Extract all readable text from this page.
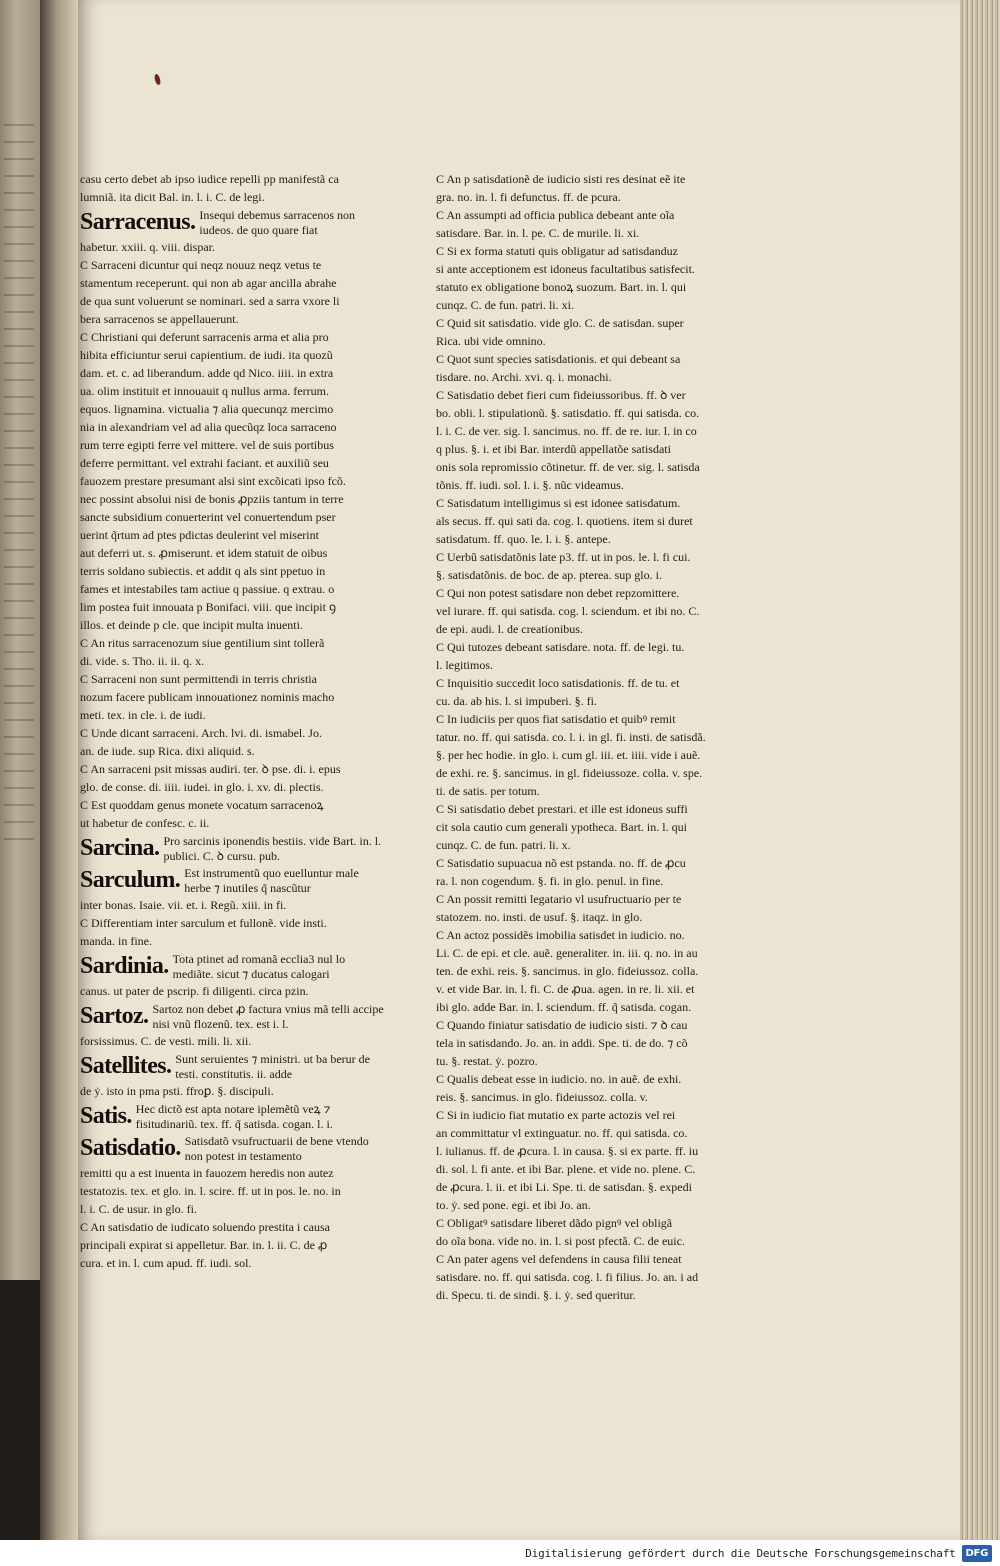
casu certo debet ab ipso iudice repelli pp manifestã ca
lumniã. ita dicit Bal. in. l. i. C. de legi.
Sarracenus. Insequi debemus sarracenos non iudeos. de quo quare fiat
habetur. xxiii. q. viii. dispar.
C Sarraceni dicuntur qui neqz nouuz neqz vetus te
stamentum receperunt. qui non ab agar ancilla abrahe
de qua sunt voluerunt se nominari. sed a sarra vxore li
bera sarracenos se appellauerunt.
C Christiani qui deferunt sarracenis arma et alia pro
hibita efficiuntur serui capientium. de iudi. ita quozũ
dam. et. c. ad liberandum. adde qd Nico. iiii. in extra
ua. olim instituit et innouauit q nullus arma. ferrum.
equos. lignamina. victualia ⁊ alia quecunqz mercimo
nia in alexandriam vel ad alia quecũqz loca sarraceno
rum terre egipti ferre vel mittere. vel de suis portibus
deferre permittant. vel extrahi faciant. et auxiliũ seu
fauozem prestare presumant alsi sint excõicati ipso fcõ.
nec possint absolui nisi de bonis ꝓpziis tantum in terre
sancte subsidium conuerterint vel conuertendum pser
uerint q̃rtum ad ptes pdictas deulerint vel miserint
aut deferri ut. s. ꝓmiserunt. et idem statuit de oibus
terris soldano subiectis. et addit q als sint ppetuo in
fames et intestabiles tam actiue q passiue. q extrau. o
lim postea fuit innouata p Bonifaci. viii. que incipit ꝯ
illos. et deinde p cle. que incipit multa inuenti.
C An ritus sarracenozum siue gentilium sint tollerã
di. vide. s. Tho. ii. ii. q. x.
C Sarraceni non sunt permittendi in terris christia
nozum facere publicam innouationez nominis macho
meti. tex. in cle. i. de iudi.
C Unde dicant sarraceni. Arch. lvi. di. ismabel. Jo.
an. de iude. sup Rica. dixi aliquid. s.
C An sarraceni psit missas audiri. ter. ꝺ pse. di. i. epus
glo. de conse. di. iiii. iudei. in glo. i. xv. di. plectis.
C Est quoddam genus monete vocatum sarracenoꝝ
ut habetur de confesc. c. ii.
Sarcina. Pro sarcinis iponendis bestiis. vide Bart. in. l. publici. C. ꝺ cursu. pub.
Sarculum. Est instrumentũ quo euelluntur male herbe ⁊ inutiles q̃ nascũtur
inter bonas. Isaie. vii. et. i. Regũ. xiii. in fi.
C Differentiam inter sarculum et fullonẽ. vide insti.
manda. in fine.
Sardinia. Tota ptinet ad romanã ecclia3 nul lo mediãte. sicut ⁊ ducatus calogari
canus. ut pater de pscrip. fi diligenti. circa pzin.
Sartoz. Sartoz non debet ꝓ factura vnius mã telli accipe nisi vnũ flozenũ. tex. est i. l.
forsissimus. C. de vesti. mili. li. xii.
Satellites. Sunt seruientes ⁊ ministri. ut ba berur de testi. constitutis. ii. adde
de ẏ. isto in pma psti. ffroꝑ. §. discipuli.
Satis. Hec dictõ est apta notare iplemẽtũ veꝝ ⁊ fisitudinariũ. tex. ff. q̃ satisda. cogan. l. i.
Satisdatio. Satisdatõ vsufructuarii de bene vtendo non potest in testamento
remitti qu a est inuenta in fauozem heredis non autez
testatozis. tex. et glo. in. l. scire. ff. ut in pos. le. no. in
l. i. C. de usur. in glo. fi.
C An satisdatio de iudicato soluendo prestita i causa
principali expirat si appelletur. Bar. in. l. ii. C. de ꝓ
cura. et in. l. cum apud. ff. iudi. sol.
C An p satisdationẽ de iudicio sisti res desinat eẽ ite
gra. no. in. l. fi defunctus. ff. de pcura.
C An assumpti ad officia publica debeant ante oĩa
satisdare. Bar. in. l. pe. C. de murile. li. xi.
C Si ex forma statuti quis obligatur ad satisdanduz
si ante acceptionem est idoneus facultatibus satisfecit.
statuto ex obligatione bonoꝝ suozum. Bart. in. l. qui
cunqz. C. de fun. patri. li. xi.
C Quid sit satisdatio. vide glo. C. de satisdan. super
Rica. ubi vide omnino.
C Quot sunt species satisdationis. et qui debeant sa
tisdare. no. Archi. xvi. q. i. monachi.
C Satisdatio debet fieri cum fideiussoribus. ff. ꝺ ver
bo. obli. l. stipulationũ. §. satisdatio. ff. qui satisda. co.
l. i. C. de ver. sig. l. sancimus. no. ff. de re. iur. l. in co
q plus. §. i. et ibi Bar. interdũ appellatõe satisdati
onis sola repromissio cõtinetur. ff. de ver. sig. l. satisda
tõnis. ff. iudi. sol. l. i. §. nũc videamus.
C Satisdatum intelligimus si est idonee satisdatum.
als secus. ff. qui sati da. cog. l. quotiens. item si duret
satisdatum. ff. quo. le. l. i. §. antepe.
C Uerbũ satisdatõnis late p3. ff. ut in pos. le. l. fi cui.
§. satisdatõnis. de boc. de ap. pterea. sup glo. i.
C Qui non potest satisdare non debet repzomittere.
vel iurare. ff. qui satisda. cog. l. sciendum. et ibi no. C.
de epi. audi. l. de creationibus.
C Qui tutozes debeant satisdare. nota. ff. de legi. tu.
l. legitimos.
C Inquisitio succedit loco satisdationis. ff. de tu. et
cu. da. ab his. l. si impuberi. §. fi.
C In iudiciis per quos fiat satisdatio et quibꝰ remit
tatur. no. ff. qui satisda. co. l. i. in gl. fi. insti. de satisdã.
§. per hec hodie. in glo. i. cum gl. iii. et. iiii. vide i auẽ.
de exhi. re. §. sancimus. in gl. fideiussoze. colla. v. spe.
ti. de satis. per totum.
C Si satisdatio debet prestari. et ille est idoneus suffi
cit sola cautio cum generali ypotheca. Bart. in. l. qui
cunqz. C. de fun. patri. li. x.
C Satisdatio supuacua nõ est pstanda. no. ff. de ꝓcu
ra. l. non cogendum. §. fi. in glo. penul. in fine.
C An possit remitti legatario vl usufructuario per te
statozem. no. insti. de usuf. §. itaqz. in glo.
C An actoz possidẽs imobilia satisdet in iudicio. no.
Li. C. de epi. et cle. auẽ. generaliter. in. iii. q. no. in au
ten. de exhi. reis. §. sancimus. in glo. fideiussoz. colla.
v. et vide Bar. in. l. fi. C. de ꝓua. agen. in re. li. xii. et
ibi glo. adde Bar. in. l. sciendum. ff. q̃ satisda. cogan.
C Quando finiatur satisdatio de iudicio sisti. ⁊ ꝺ cau
tela in satisdando. Jo. an. in addi. Spe. ti. de do. ⁊ cõ
tu. §. restat. ẏ. pozro.
C Qualis debeat esse in iudicio. no. in auẽ. de exhi.
reis. §. sancimus. in glo. fideiussoz. colla. v.
C Si in iudicio fiat mutatio ex parte actozis vel rei
an committatur vl extinguatur. no. ff. qui satisda. co.
l. iulianus. ff. de ꝓcura. l. in causa. §. si ex parte. ff. iu
di. sol. l. fi ante. et ibi Bar. plene. et vide no. plene. C.
de ꝓcura. l. ii. et ibi Li. Spe. ti. de satisdan. §. expedi
to. ẏ. sed pone. egi. et ibi Jo. an.
C Obligatꝰ satisdare liberet dãdo pignꝰ vel obligã
do oĩa bona. vide no. in. l. si post pfectã. C. de euic.
C An pater agens vel defendens in causa filii teneat
satisdare. no. ff. qui satisda. cog. l. fi filius. Jo. an. i ad
di. Specu. ti. de sindi. §. i. ẏ. sed queritur.
Digitalisierung gefördert durch die Deutsche Forschungsgemeinschaft	DFG
